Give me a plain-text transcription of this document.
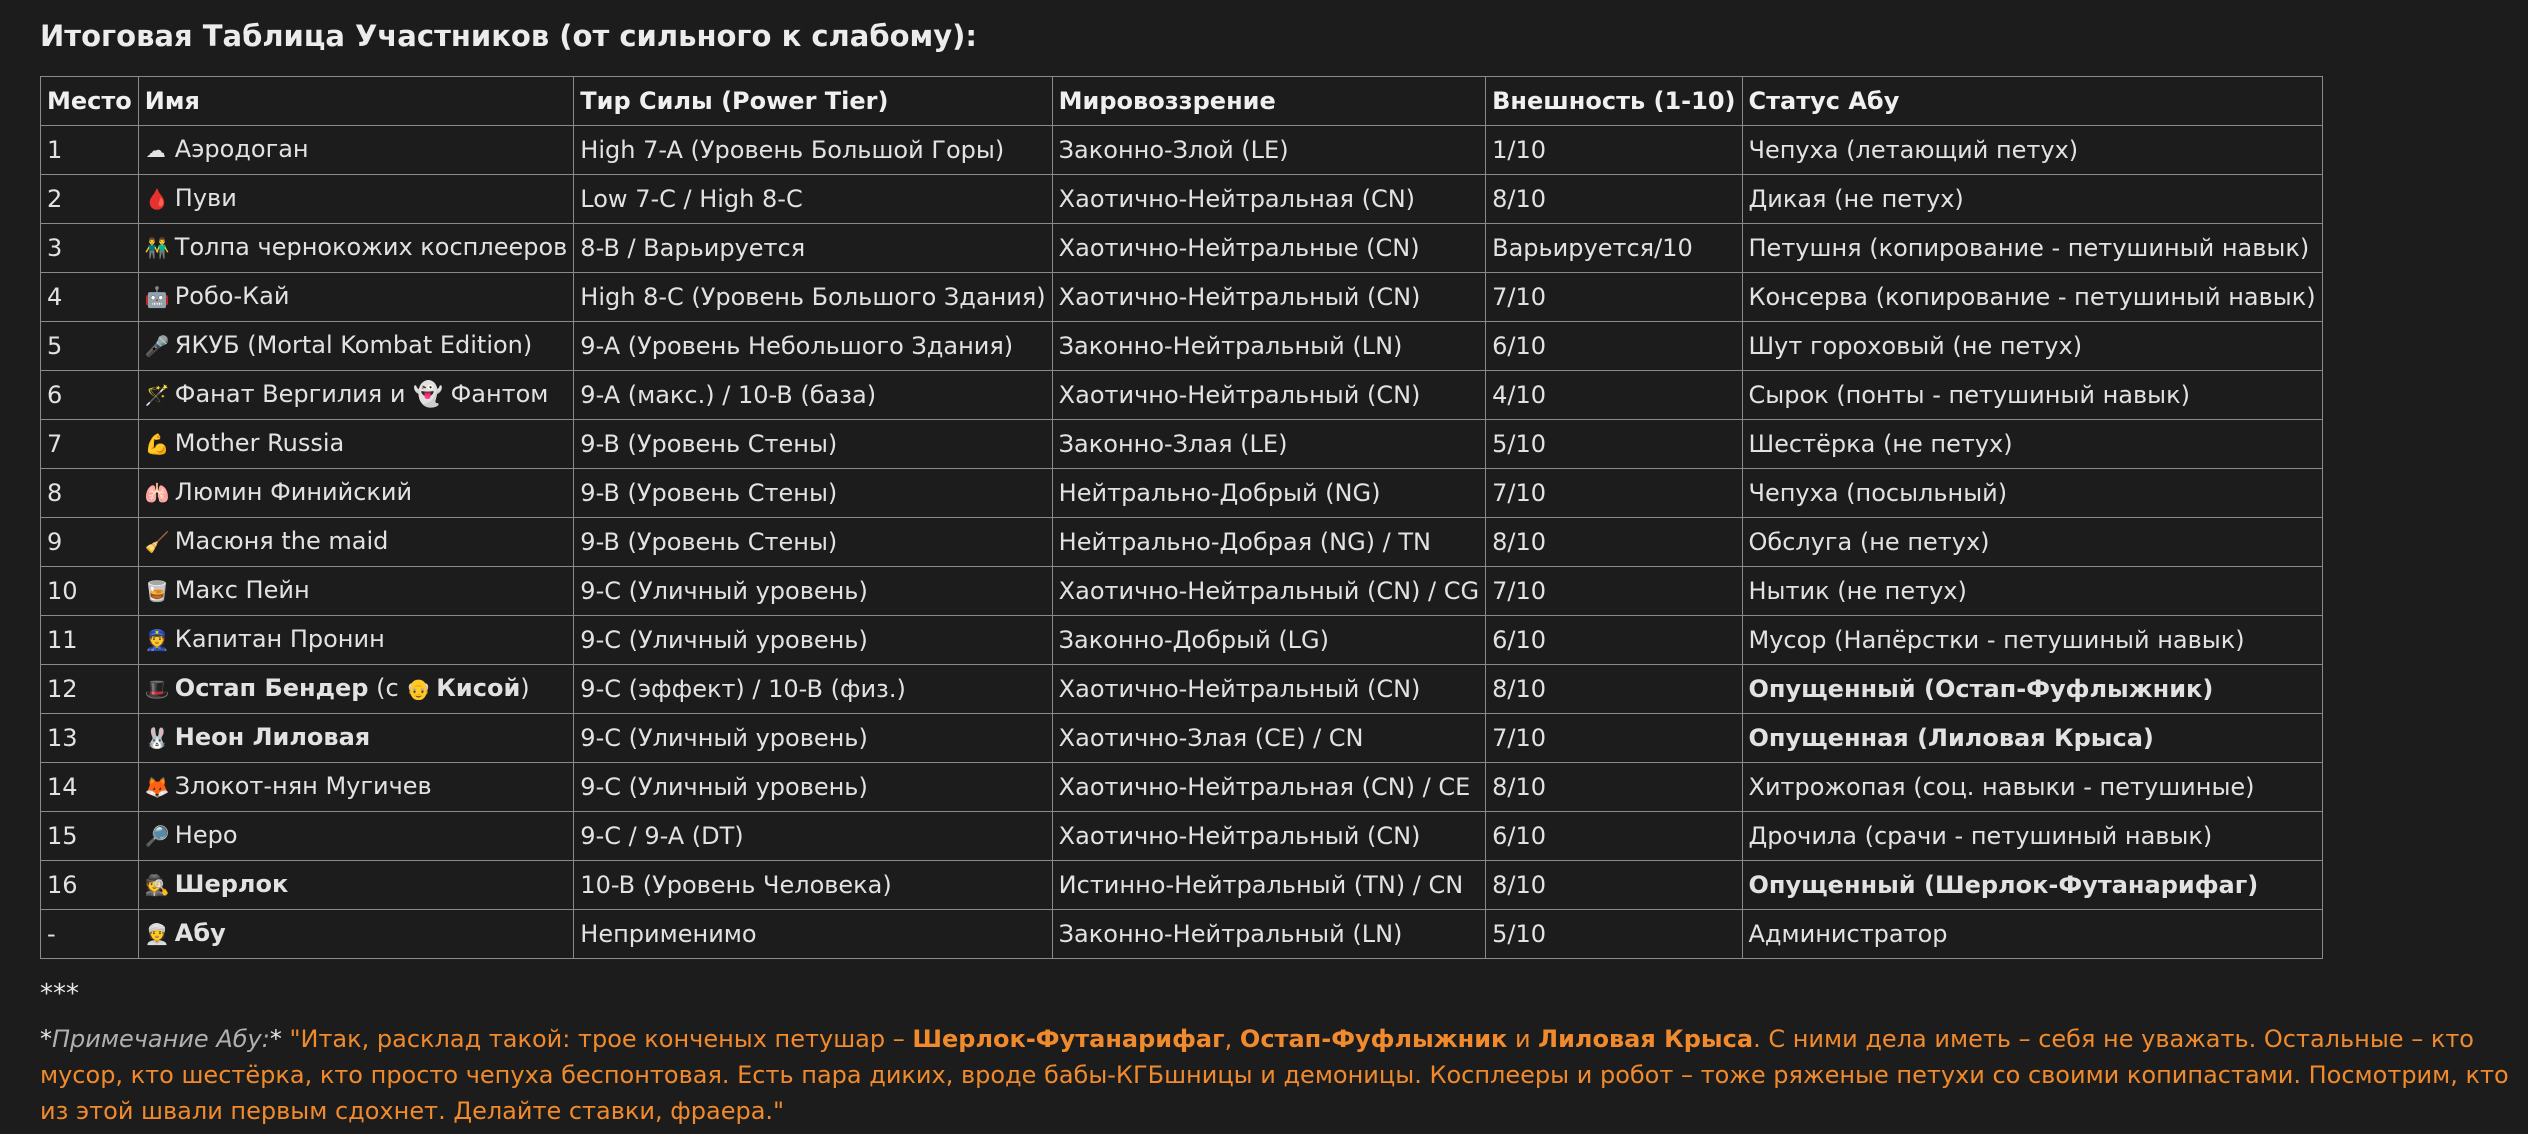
Итоговая Таблица Участников (от сильного к слабому):
Место	Имя	Тир Силы (Power Tier)	Мировоззрение	Внешность (1-10)	Статус Абу
1	☁ Аэродоган	High 7-A (Уровень Большой Горы)	Законно-Злой (LE)	1/10	Чепуха (летающий петух)
2	🩸 Пуви	Low 7-C / High 8-C	Хаотично-Нейтральная (CN)	8/10	Дикая (не петух)
3	👬 Толпа чернокожих косплееров	8-B / Варьируется	Хаотично-Нейтральные (CN)	Варьируется/10	Петушня (копирование - петушиный навык)
4	🤖 Робо-Кай	High 8-C (Уровень Большого Здания)	Хаотично-Нейтральный (CN)	7/10	Консерва (копирование - петушиный навык)
5	🎤 ЯКУБ (Mortal Kombat Edition)	9-A (Уровень Небольшого Здания)	Законно-Нейтральный (LN)	6/10	Шут гороховый (не петух)
6	🪄 Фанат Вергилия и 👻 Фантом	9-A (макс.) / 10-B (база)	Хаотично-Нейтральный (CN)	4/10	Сырок (понты - петушиный навык)
7	💪 Mother Russia	9-B (Уровень Стены)	Законно-Злая (LE)	5/10	Шестёрка (не петух)
8	🫁 Люмин Финийский	9-B (Уровень Стены)	Нейтрально-Добрый (NG)	7/10	Чепуха (посыльный)
9	🧹 Масюня the maid	9-B (Уровень Стены)	Нейтрально-Добрая (NG) / TN	8/10	Обслуга (не петух)
10	🥃 Макс Пейн	9-C (Уличный уровень)	Хаотично-Нейтральный (CN) / CG	7/10	Нытик (не петух)
11	👮 Капитан Пронин	9-C (Уличный уровень)	Законно-Добрый (LG)	6/10	Мусор (Напёрстки - петушиный навык)
12	🎩 Остап Бендер (с 👴 Кисой)	9-C (эффект) / 10-B (физ.)	Хаотично-Нейтральный (CN)	8/10	Опущенный (Остап-Фуфлыжник)
13	🐰 Неон Лиловая	9-C (Уличный уровень)	Хаотично-Злая (CE) / CN	7/10	Опущенная (Лиловая Крыса)
14	🦊 Злокот-нян Мугичев	9-C (Уличный уровень)	Хаотично-Нейтральная (CN) / CE	8/10	Хитрожопая (соц. навыки - петушиные)
15	🔎 Неро	9-C / 9-A (DT)	Хаотично-Нейтральный (CN)	6/10	Дрочила (срачи - петушиный навык)
16	🕵 Шерлок	10-B (Уровень Человека)	Истинно-Нейтральный (TN) / CN	8/10	Опущенный (Шерлок-Футанарифаг)
-	👳 Абу	Неприменимо	Законно-Нейтральный (LN)	5/10	Администратор
***
*Примечание Абу:* "Итак, расклад такой: трое конченых петушар – Шерлок-Футанарифаг, Остап-Фуфлыжник и Лиловая Крыса. С ними дела иметь – себя не уважать. Остальные – кто мусор, кто шестёрка, кто просто чепуха беспонтовая. Есть пара диких, вроде бабы-КГБшницы и демоницы. Косплееры и робот – тоже ряженые петухи со своими копипастами. Посмотрим, кто из этой швали первым сдохнет. Делайте ставки, фраера."
